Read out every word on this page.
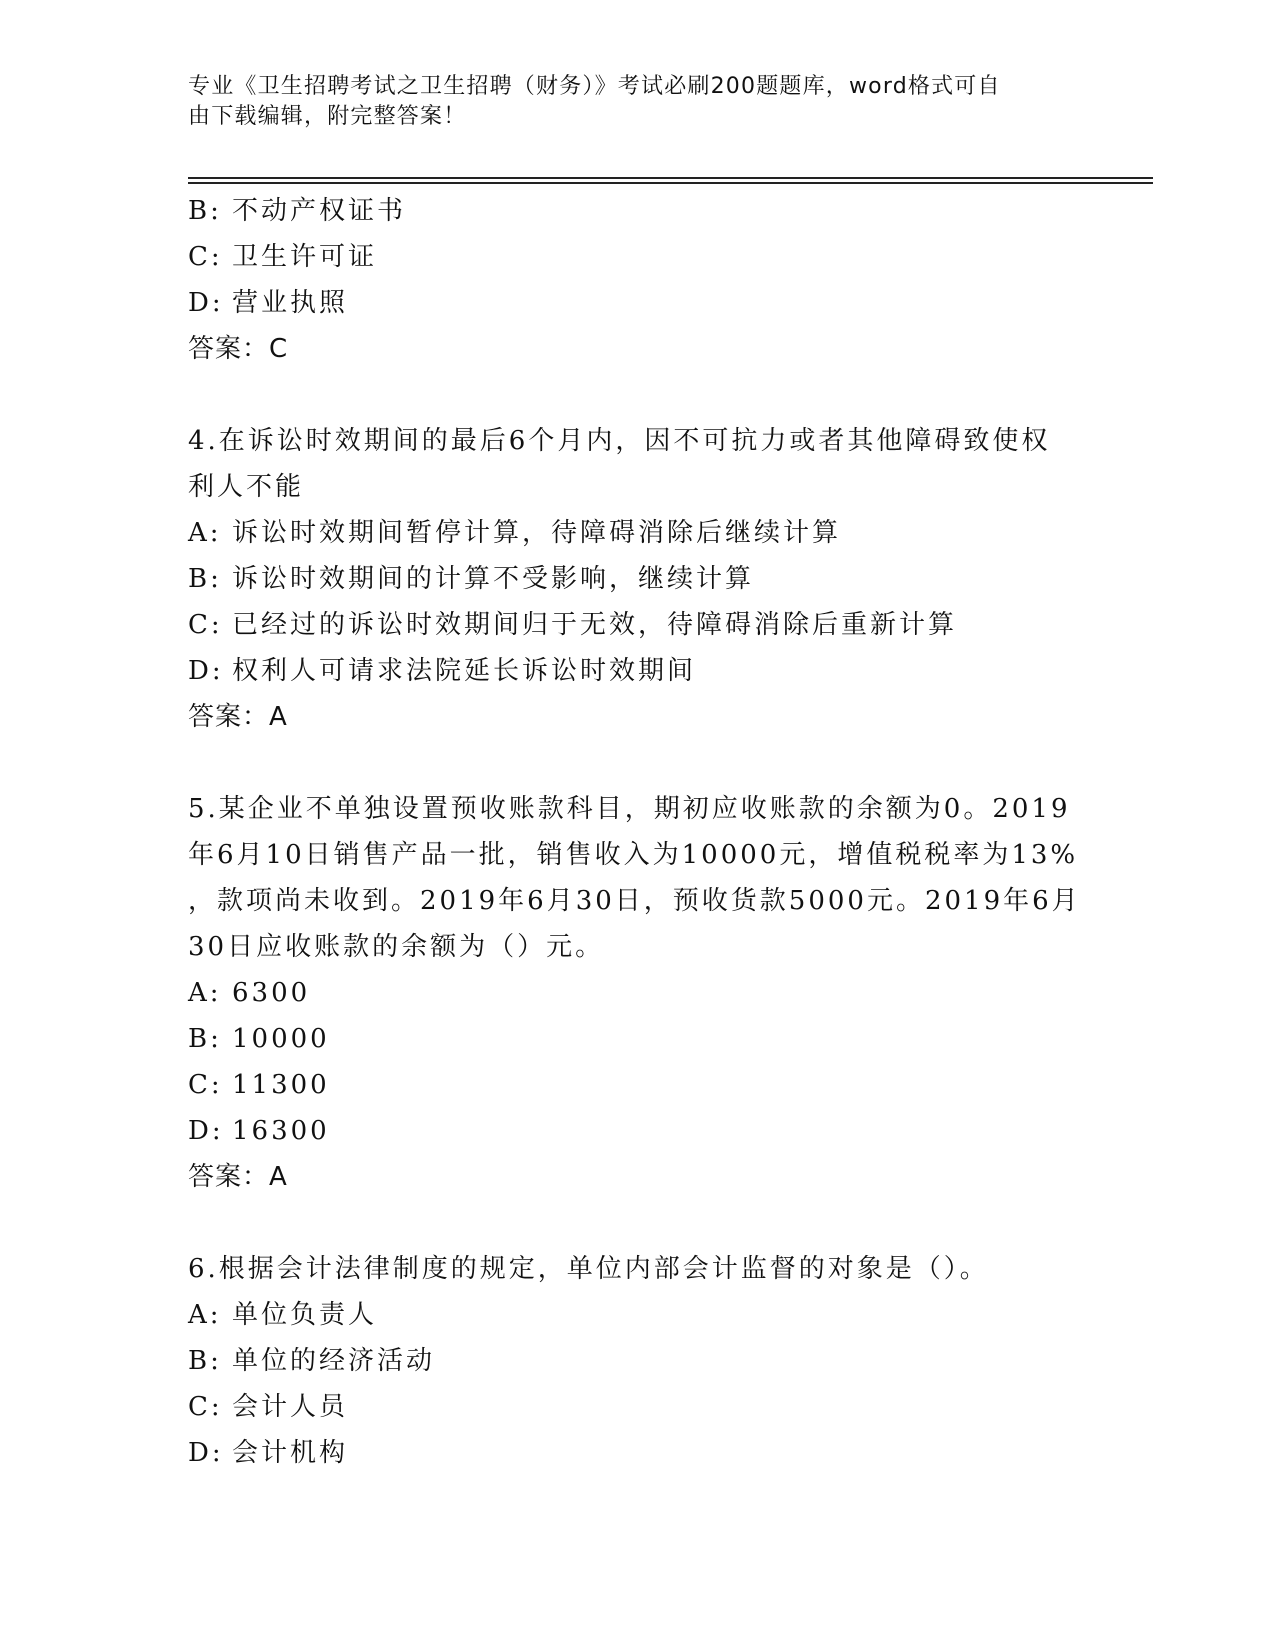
专业《卫生招聘考试之卫生招聘（财务）》考试必刷200题题库，word格式可自
由下载编辑，附完整答案！
B: 不动产权证书
C: 卫生许可证
D: 营业执照
答案：C
4.在诉讼时效期间的最后6个月内，因不可抗力或者其他障碍致使权
利人不能
A: 诉讼时效期间暂停计算，待障碍消除后继续计算
B: 诉讼时效期间的计算不受影响，继续计算
C: 已经过的诉讼时效期间归于无效，待障碍消除后重新计算
D: 权利人可请求法院延长诉讼时效期间
答案：A
5.某企业不单独设置预收账款科目，期初应收账款的余额为0。2019
年6月10日销售产品一批，销售收入为10000元，增值税税率为13%
，款项尚未收到。2019年6月30日，预收货款5000元。2019年6月
30日应收账款的余额为（）元。
A: 6300
B: 10000
C: 11300
D: 16300
答案：A
6.根据会计法律制度的规定，单位内部会计监督的对象是（）。
A: 单位负责人
B: 单位的经济活动
C: 会计人员
D: 会计机构
